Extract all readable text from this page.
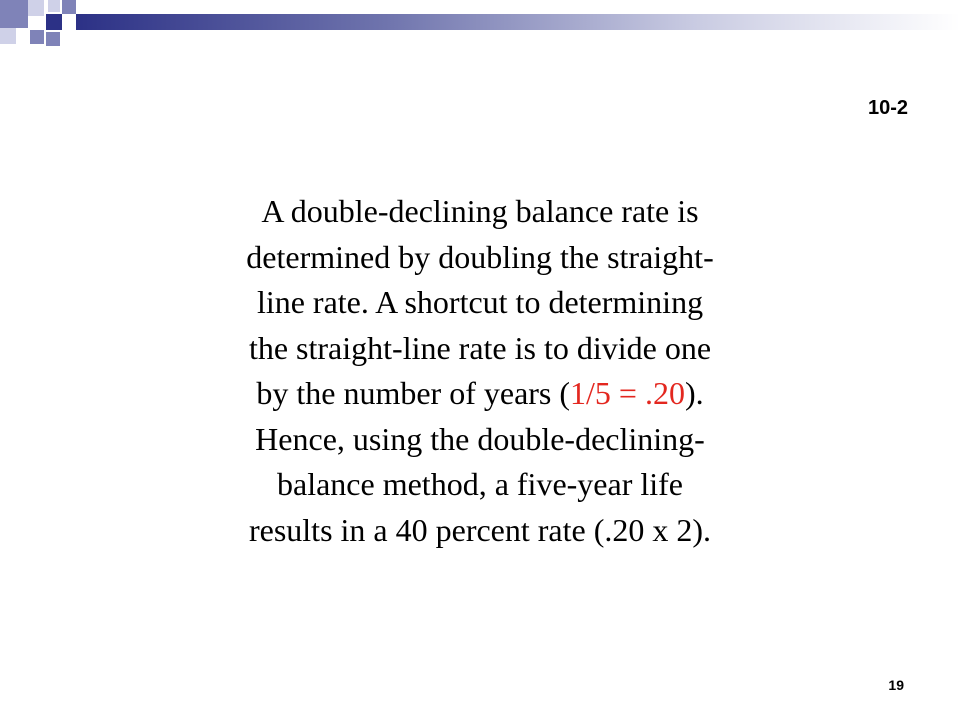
10-2
A double-declining balance rate is
determined by doubling the straight-
line rate. A shortcut to determining
the straight-line rate is to divide one
by the number of years (1/5 = .20).
Hence, using the double-declining-
balance method, a five-year life
results in a 40 percent rate (.20 x 2).
19
